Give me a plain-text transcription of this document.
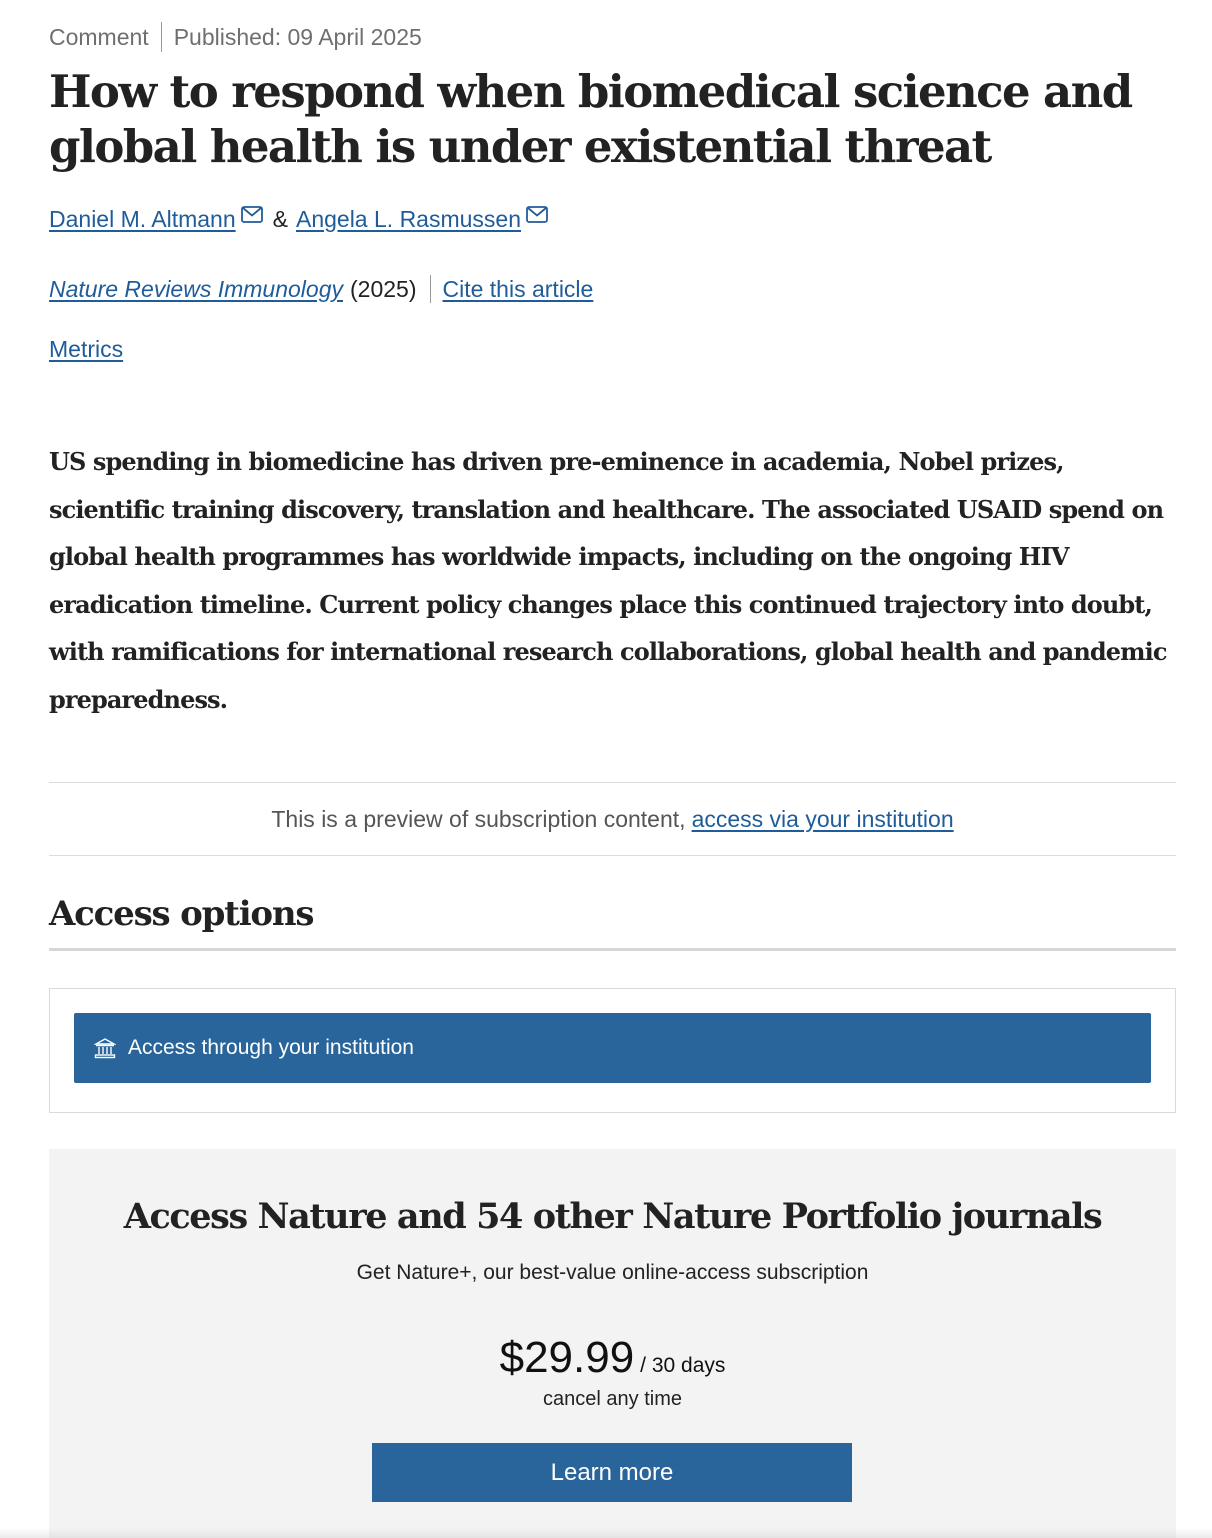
Comment Published: 09 April 2025
How to respond when biomedical science and global health is under existential threat
Daniel M. Altmann & Angela L. Rasmussen
Nature Reviews Immunology (2025) Cite this article
Metrics

US spending in biomedicine has driven pre-eminence in academia, Nobel prizes, scientific training discovery, translation and healthcare. The associated USAID spend on global health programmes has worldwide impacts, including on the ongoing HIV eradication timeline. Current policy changes place this continued trajectory into doubt, with ramifications for international research collaborations, global health and pandemic preparedness.

This is a preview of subscription content, access via your institution
Access options
Access through your institution
Access Nature and 54 other Nature Portfolio journals
Get Nature+, our best-value online-access subscription
$29.99 / 30 days
cancel any time
Learn more
